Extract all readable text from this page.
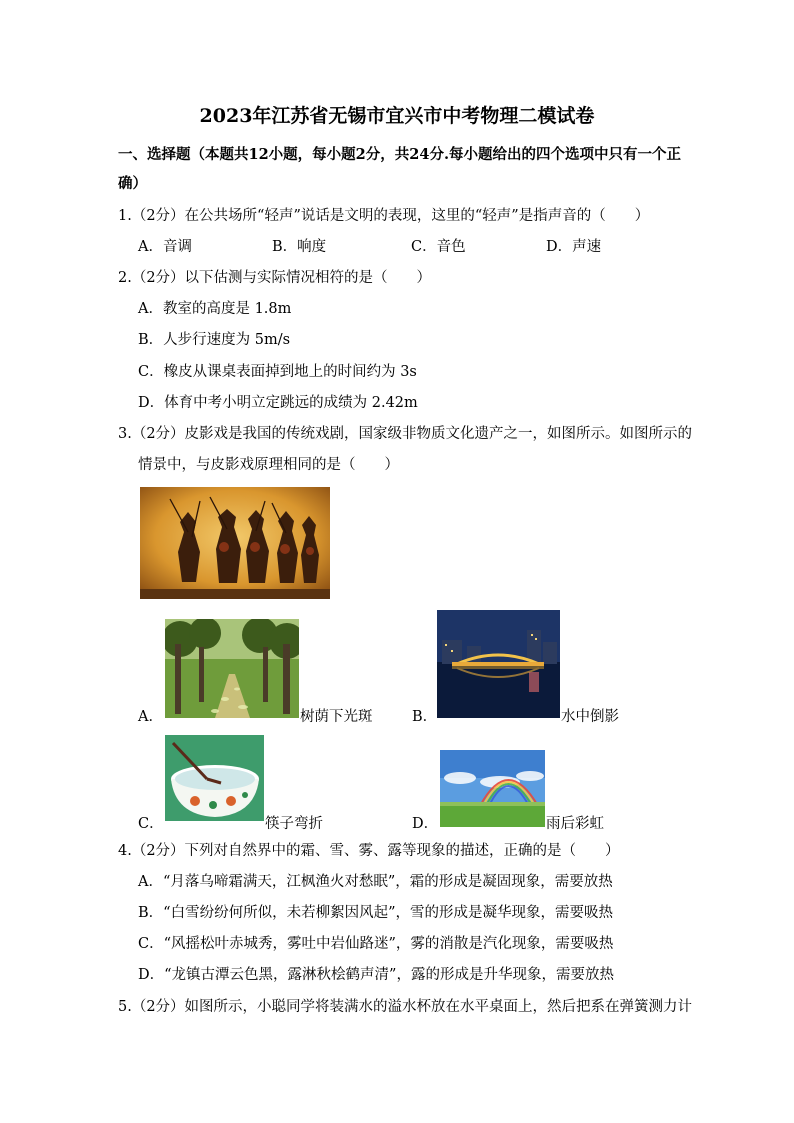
2023年江苏省无锡市宜兴市中考物理二模试卷
一、选择题（本题共12小题，每小题2分，共24分.每小题给出的四个选项中只有一个正
确）
1.（2分）在公共场所“轻声”说话是文明的表现，这里的“轻声”是指声音的（　　）
A．音调	B．响度	C．音色	D．声速
2.（2分）以下估测与实际情况相符的是（　　）
A．教室的高度是 1.8m
B．人步行速度为 5m/s
C．橡皮从课桌表面掉到地上的时间约为 3s
D．体育中考小明立定跳远的成绩为 2.42m
3.（2分）皮影戏是我国的传统戏剧，国家级非物质文化遗产之一，如图所示。如图所示的
情景中，与皮影戏原理相同的是（　　）
A．	树荫下光斑	B．	水中倒影
C．	筷子弯折	D．	雨后彩虹
4.（2分）下列对自然界中的霜、雪、雾、露等现象的描述，正确的是（　　）
A．“月落乌啼霜满天，江枫渔火对愁眠”，霜的形成是凝固现象，需要放热
B．“白雪纷纷何所似，未若柳絮因风起”，雪的形成是凝华现象，需要吸热
C．“风摇松叶赤城秀，雾吐中岩仙路迷”，雾的消散是汽化现象，需要吸热
D．“龙镇古潭云色黑，露淋秋桧鹤声清”，露的形成是升华现象，需要放热
5.（2分）如图所示，小聪同学将装满水的溢水杯放在水平桌面上，然后把系在弹簧测力计
